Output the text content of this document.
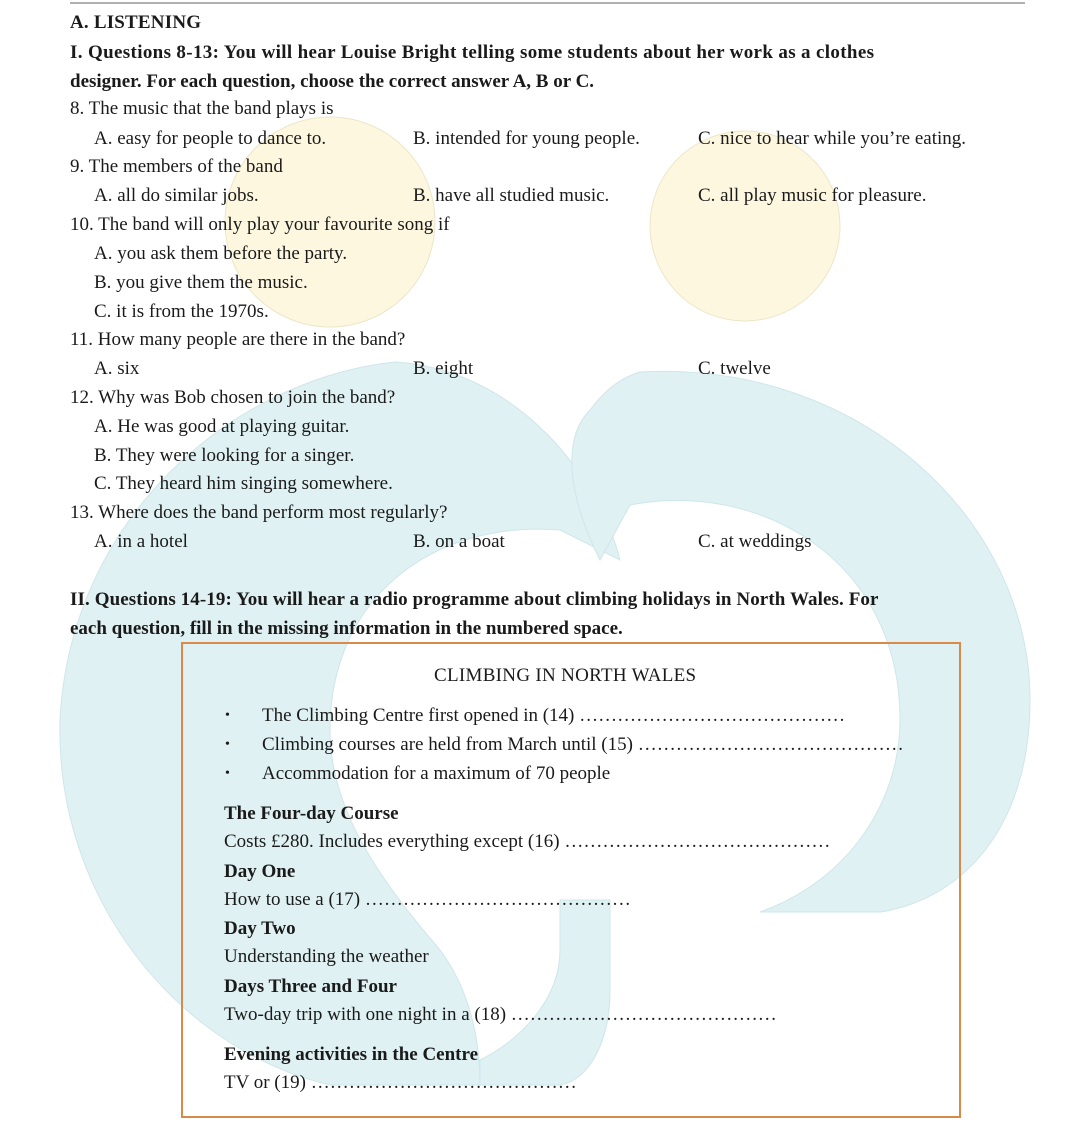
A. LISTENING
I. Questions 8-13: You will hear Louise Bright telling some students about her work as a clothes
designer. For each question, choose the correct answer A, B or C.
8. The music that the band plays is
A. easy for people to dance to.	B. intended for young people.	C. nice to hear while you’re eating.
9. The members of the band
A. all do similar jobs.	B. have all studied music.	C. all play music for pleasure.
10. The band will only play your favourite song if
A. you ask them before the party.
B. you give them the music.
C. it is from the 1970s.
11. How many people are there in the band?
A. six	B. eight	C. twelve
12. Why was Bob chosen to join the band?
A. He was good at playing guitar.
B. They were looking for a singer.
C. They heard him singing somewhere.
13. Where does the band perform most regularly?
A. in a hotel	B. on a boat	C. at weddings
II. Questions 14-19: You will hear a radio programme about climbing holidays in North Wales. For
each question, fill in the missing information in the numbered space.
CLIMBING IN NORTH WALES
• The Climbing Centre first opened in (14) ……………………………………
• Climbing courses are held from March until (15) ……………………………………
• Accommodation for a maximum of 70 people
The Four-day Course
Costs £280. Includes everything except (16) ……………………………………
Day One
How to use a (17) ……………………………………
Day Two
Understanding the weather
Days Three and Four
Two-day trip with one night in a (18) ……………………………………
Evening activities in the Centre
TV or (19) ……………………………………
